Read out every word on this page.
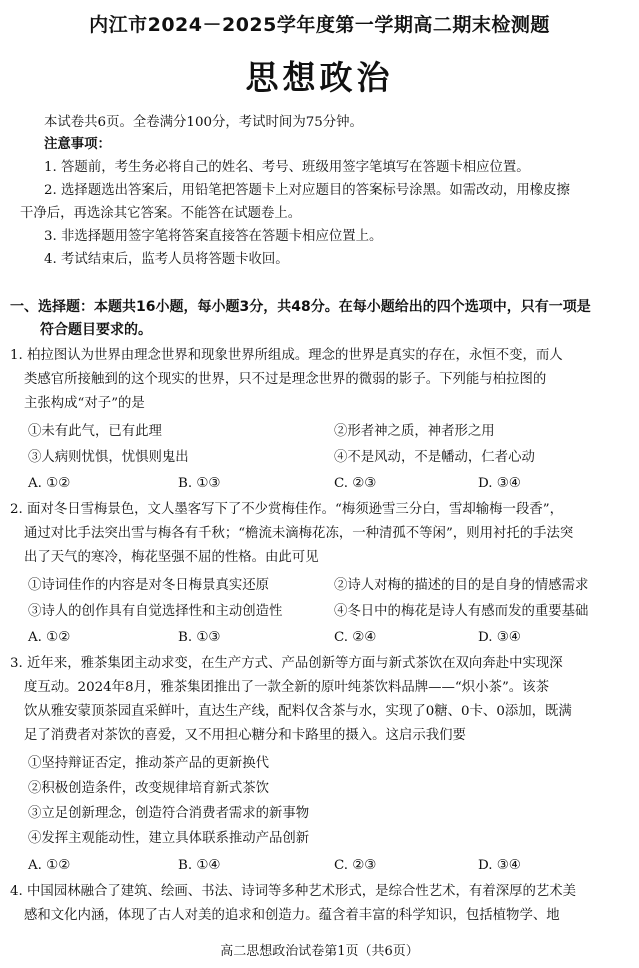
内江市2024－2025学年度第一学期高二期末检测题
思想政治
本试卷共6页。全卷满分100分，考试时间为75分钟。
注意事项：
1. 答题前，考生务必将自己的姓名、考号、班级用签字笔填写在答题卡相应位置。
2. 选择题选出答案后，用铅笔把答题卡上对应题目的答案标号涂黑。如需改动，用橡皮擦
干净后，再选涂其它答案。不能答在试题卷上。
3. 非选择题用签字笔将答案直接答在答题卡相应位置上。
4. 考试结束后，监考人员将答题卡收回。
一、选择题：本题共16小题，每小题3分，共48分。在每小题给出的四个选项中，只有一项是
符合题目要求的。
1. 柏拉图认为世界由理念世界和现象世界所组成。理念的世界是真实的存在，永恒不变，而人
类感官所接触到的这个现实的世界，只不过是理念世界的微弱的影子。下列能与柏拉图的
主张构成“对子”的是
①未有此气，已有此理	②形者神之质，神者形之用
③人病则忧惧，忧惧则鬼出	④不是风动，不是幡动，仁者心动
A. ①②	B. ①③	C. ②③	D. ③④
2. 面对冬日雪梅景色，文人墨客写下了不少赏梅佳作。“梅须逊雪三分白，雪却输梅一段香”，
通过对比手法突出雪与梅各有千秋；“檐流未滴梅花冻，一种清孤不等闲”，则用衬托的手法突
出了天气的寒冷，梅花坚强不屈的性格。由此可见
①诗词佳作的内容是对冬日梅景真实还原	②诗人对梅的描述的目的是自身的情感需求
③诗人的创作具有自觉选择性和主动创造性	④冬日中的梅花是诗人有感而发的重要基础
A. ①②	B. ①③	C. ②④	D. ③④
3. 近年来，雅茶集团主动求变，在生产方式、产品创新等方面与新式茶饮在双向奔赴中实现深
度互动。2024年8月，雅茶集团推出了一款全新的原叶纯茶饮料品牌——“炽小茶”。该茶
饮从雅安蒙顶茶园直采鲜叶，直达生产线，配料仅含茶与水，实现了0糖、0卡、0添加，既满
足了消费者对茶饮的喜爱，又不用担心糖分和卡路里的摄入。这启示我们要
①坚持辩证否定，推动茶产品的更新换代
②积极创造条件，改变规律培育新式茶饮
③立足创新理念，创造符合消费者需求的新事物
④发挥主观能动性，建立具体联系推动产品创新
A. ①②	B. ①④	C. ②③	D. ③④
4. 中国园林融合了建筑、绘画、书法、诗词等多种艺术形式，是综合性艺术，有着深厚的艺术美
感和文化内涵，体现了古人对美的追求和创造力。蕴含着丰富的科学知识，包括植物学、地
高二思想政治试卷第1页（共6页）
